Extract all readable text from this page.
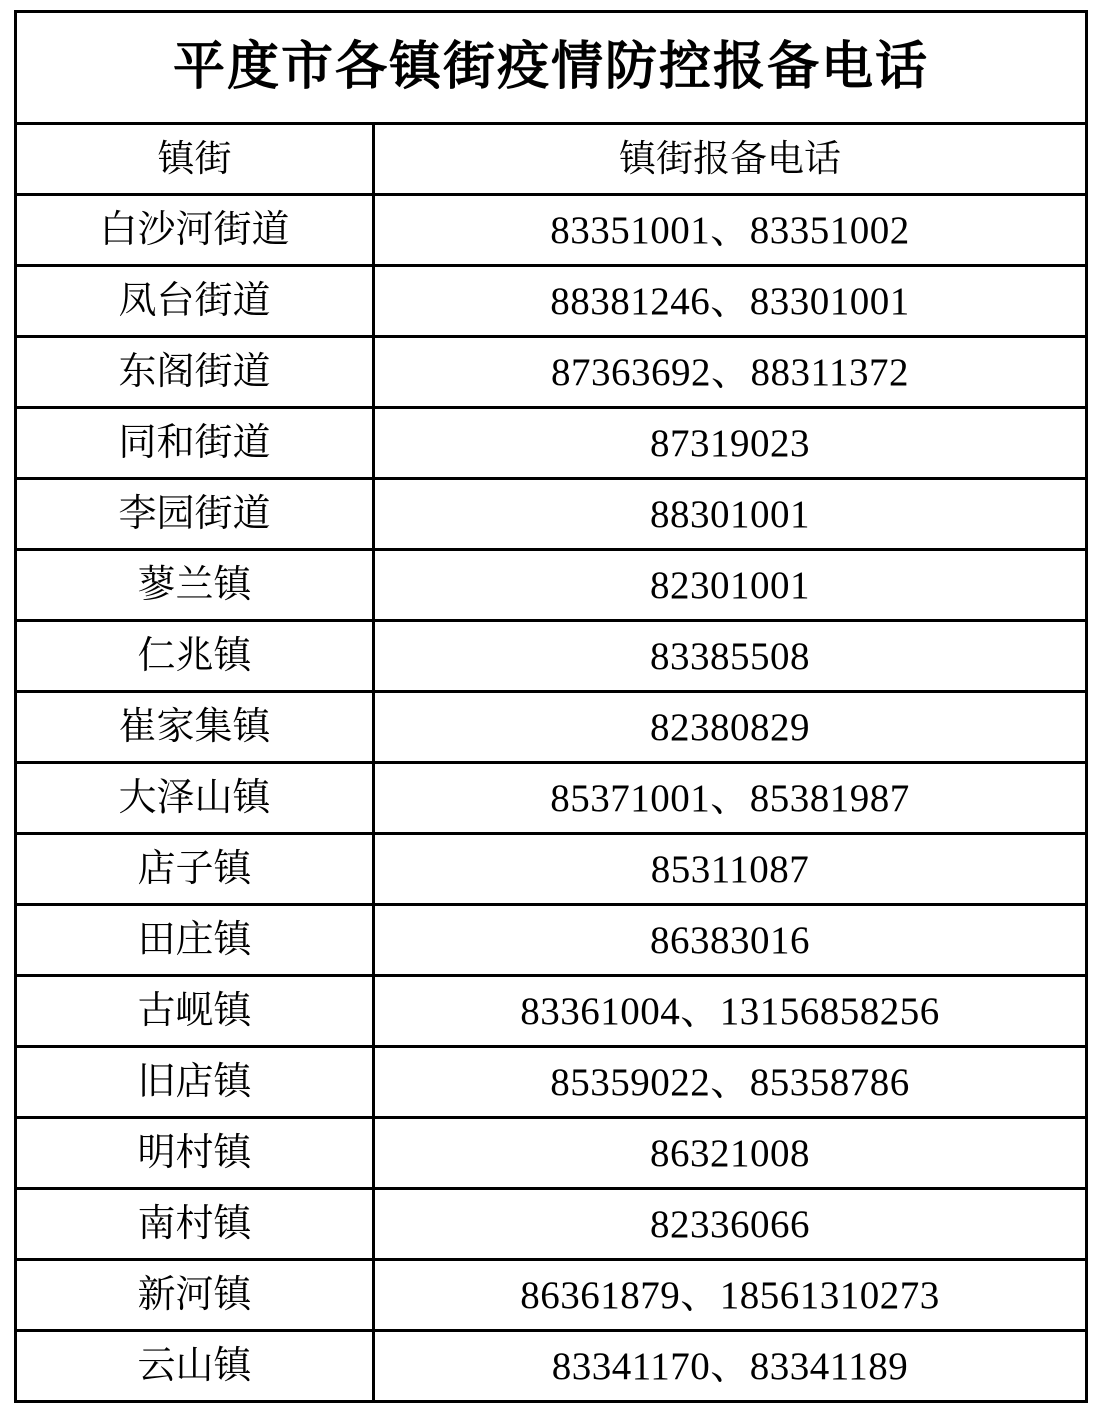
平度市各镇街疫情防控报备电话
镇街	镇街报备电话
白沙河街道	83351001、83351002
凤台街道	88381246、83301001
东阁街道	87363692、88311372
同和街道	87319023
李园街道	88301001
蓼兰镇	82301001
仁兆镇	83385508
崔家集镇	82380829
大泽山镇	85371001、85381987
店子镇	85311087
田庄镇	86383016
古岘镇	83361004、13156858256
旧店镇	85359022、85358786
明村镇	86321008
南村镇	82336066
新河镇	86361879、18561310273
云山镇	83341170、83341189
